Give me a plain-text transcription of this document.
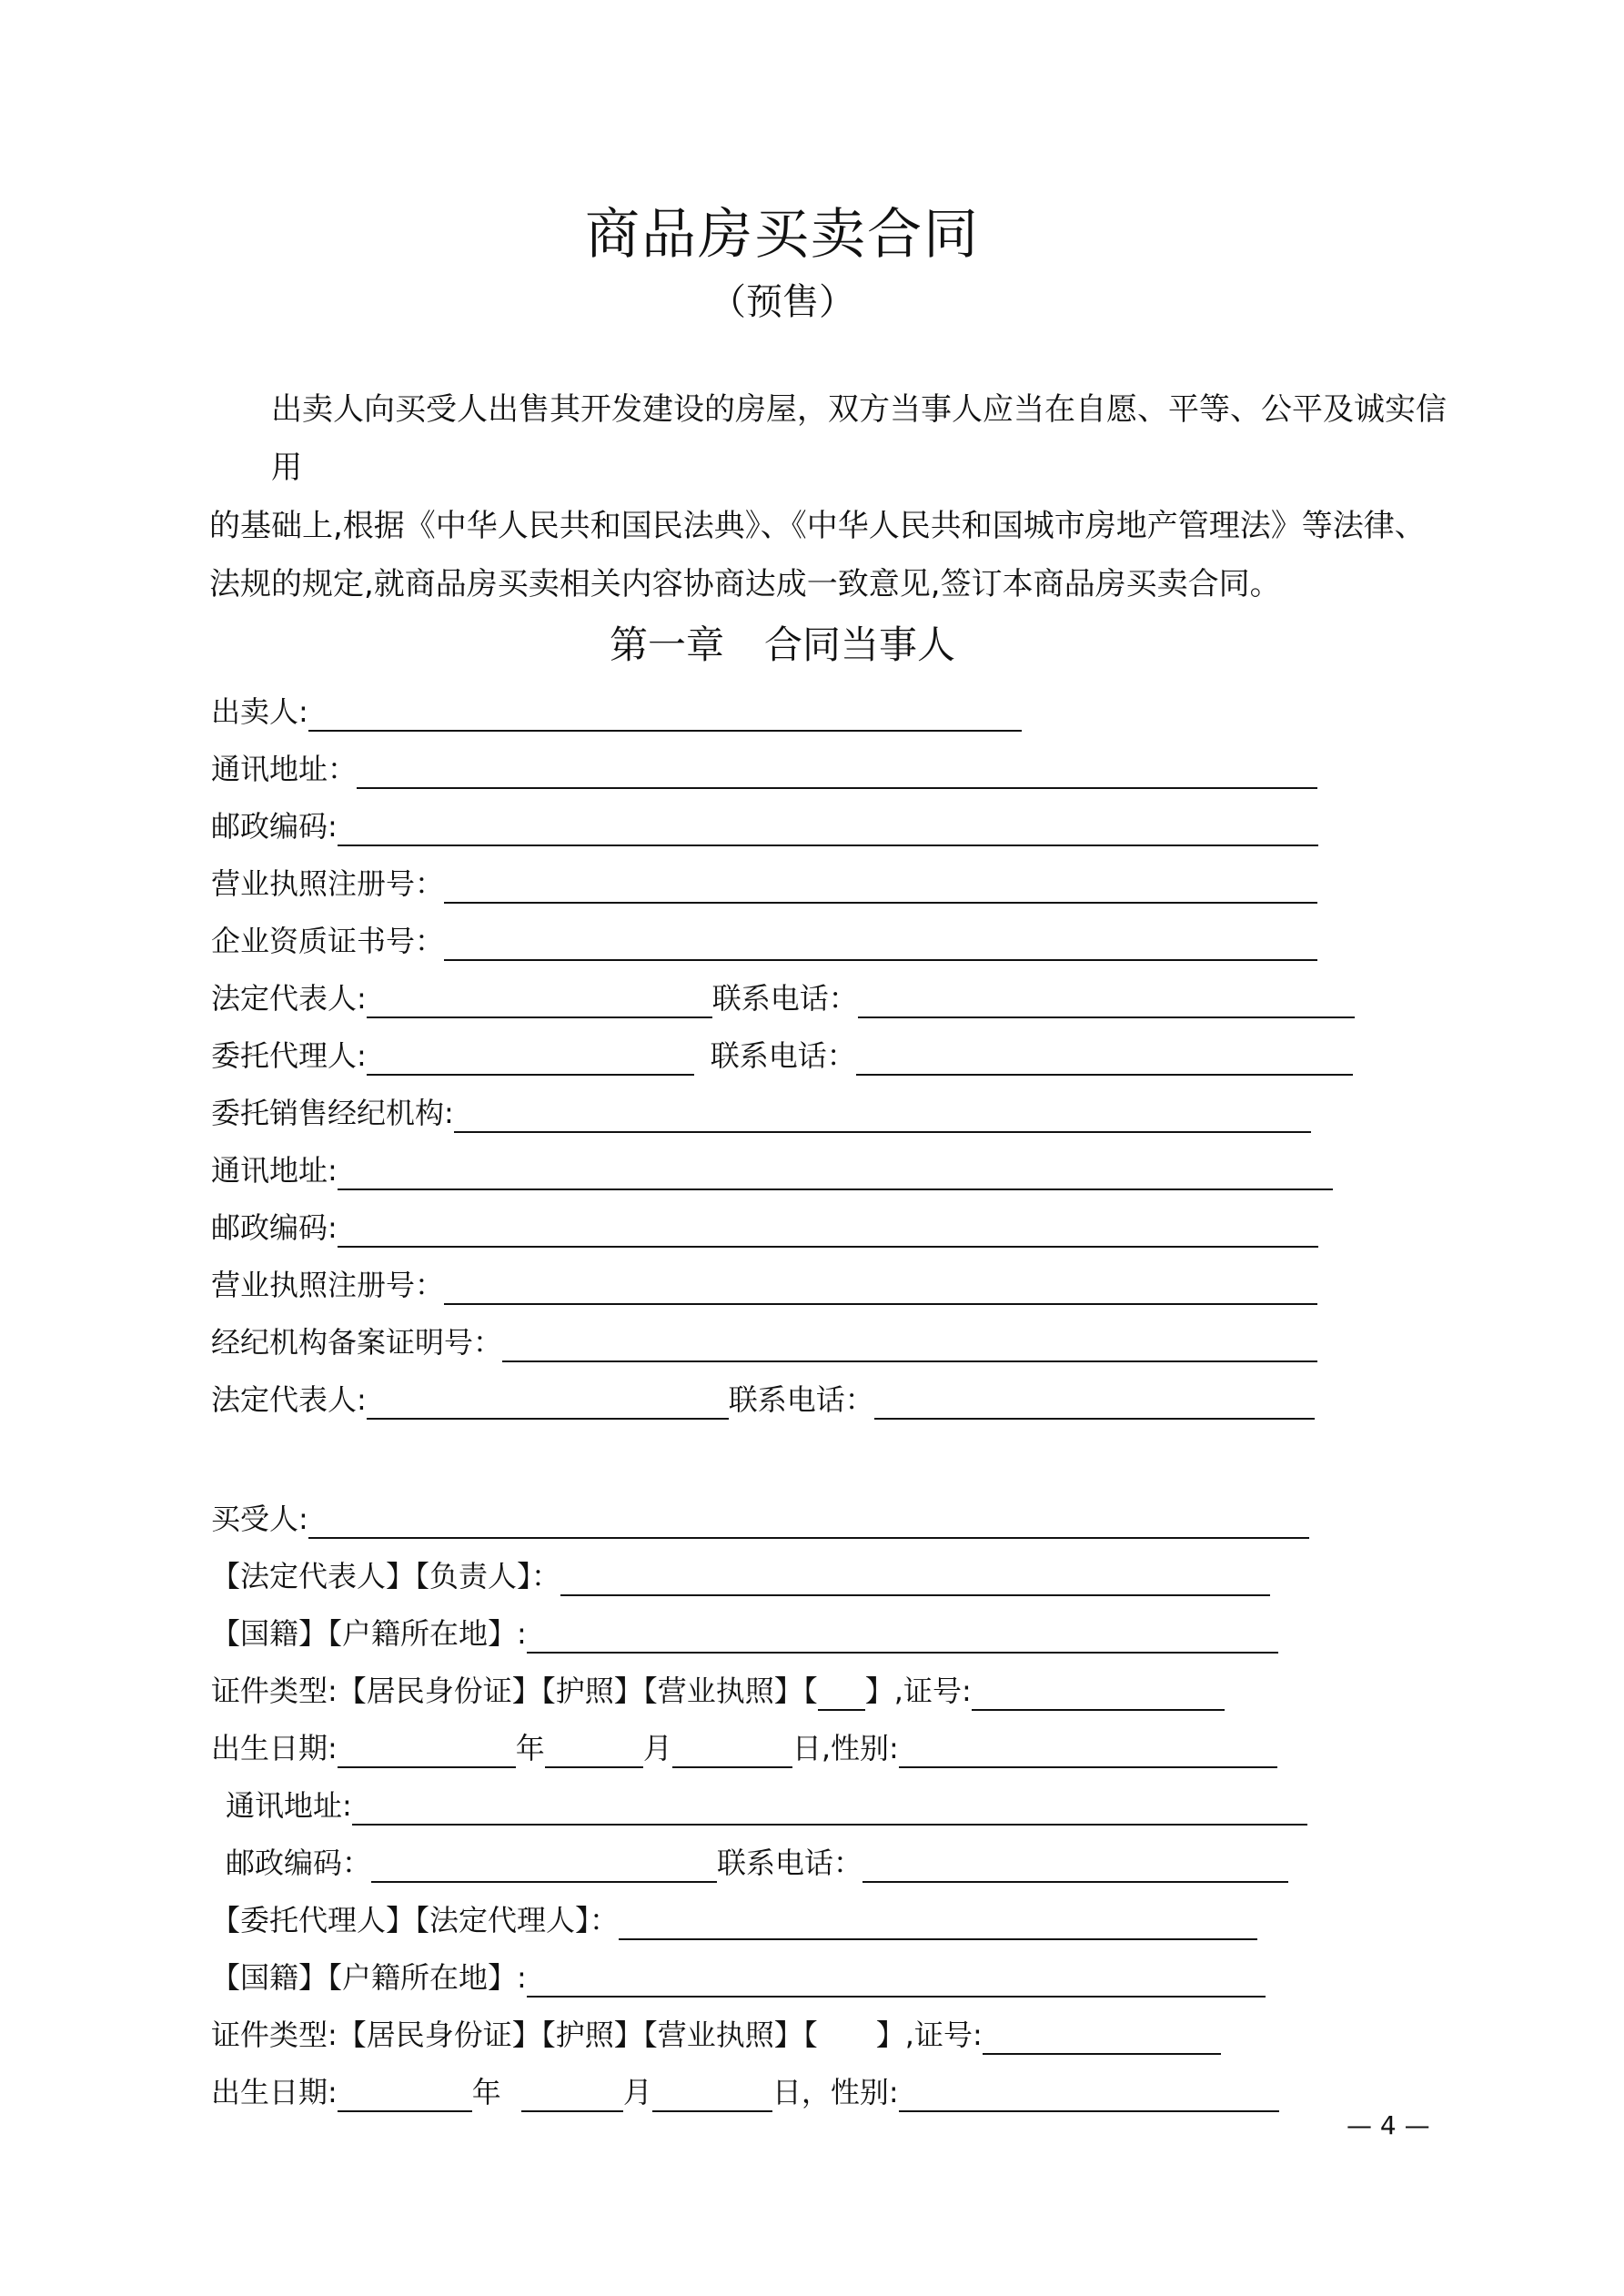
商品房买卖合同
（预售）

出卖人向买受人出售其开发建设的房屋，双方当事人应当在自愿、平等、公平及诚实信用

的基础上,根据《中华人民共和国民法典》、《中华人民共和国城市房地产管理法》等法律、

法规的规定,就商品房买卖相关内容协商达成一致意见,签订本商品房买卖合同。

第一章 合同当事人
出卖人:
通讯地址：
邮政编码:
营业执照注册号：
企业资质证书号：
法定代表人:	联系电话：
委托代理人:	联系电话：
委托销售经纪机构:
通讯地址:
邮政编码:
营业执照注册号：
经纪机构备案证明号：
法定代表人:	联系电话：
买受人:
【法定代表人】【负责人】：
【国籍】【户籍所在地】:
证件类型:【居民身份证】【护照】【营业执照】【 】,证号:
出生日期:	年	月	日,性别:
通讯地址:
邮政编码：	联系电话：
【委托代理人】【法定代理人】：
【国籍】【户籍所在地】:
证件类型:【居民身份证】【护照】【营业执照】【 】,证号:
出生日期:	年	月	日，性别:
— 4 —
